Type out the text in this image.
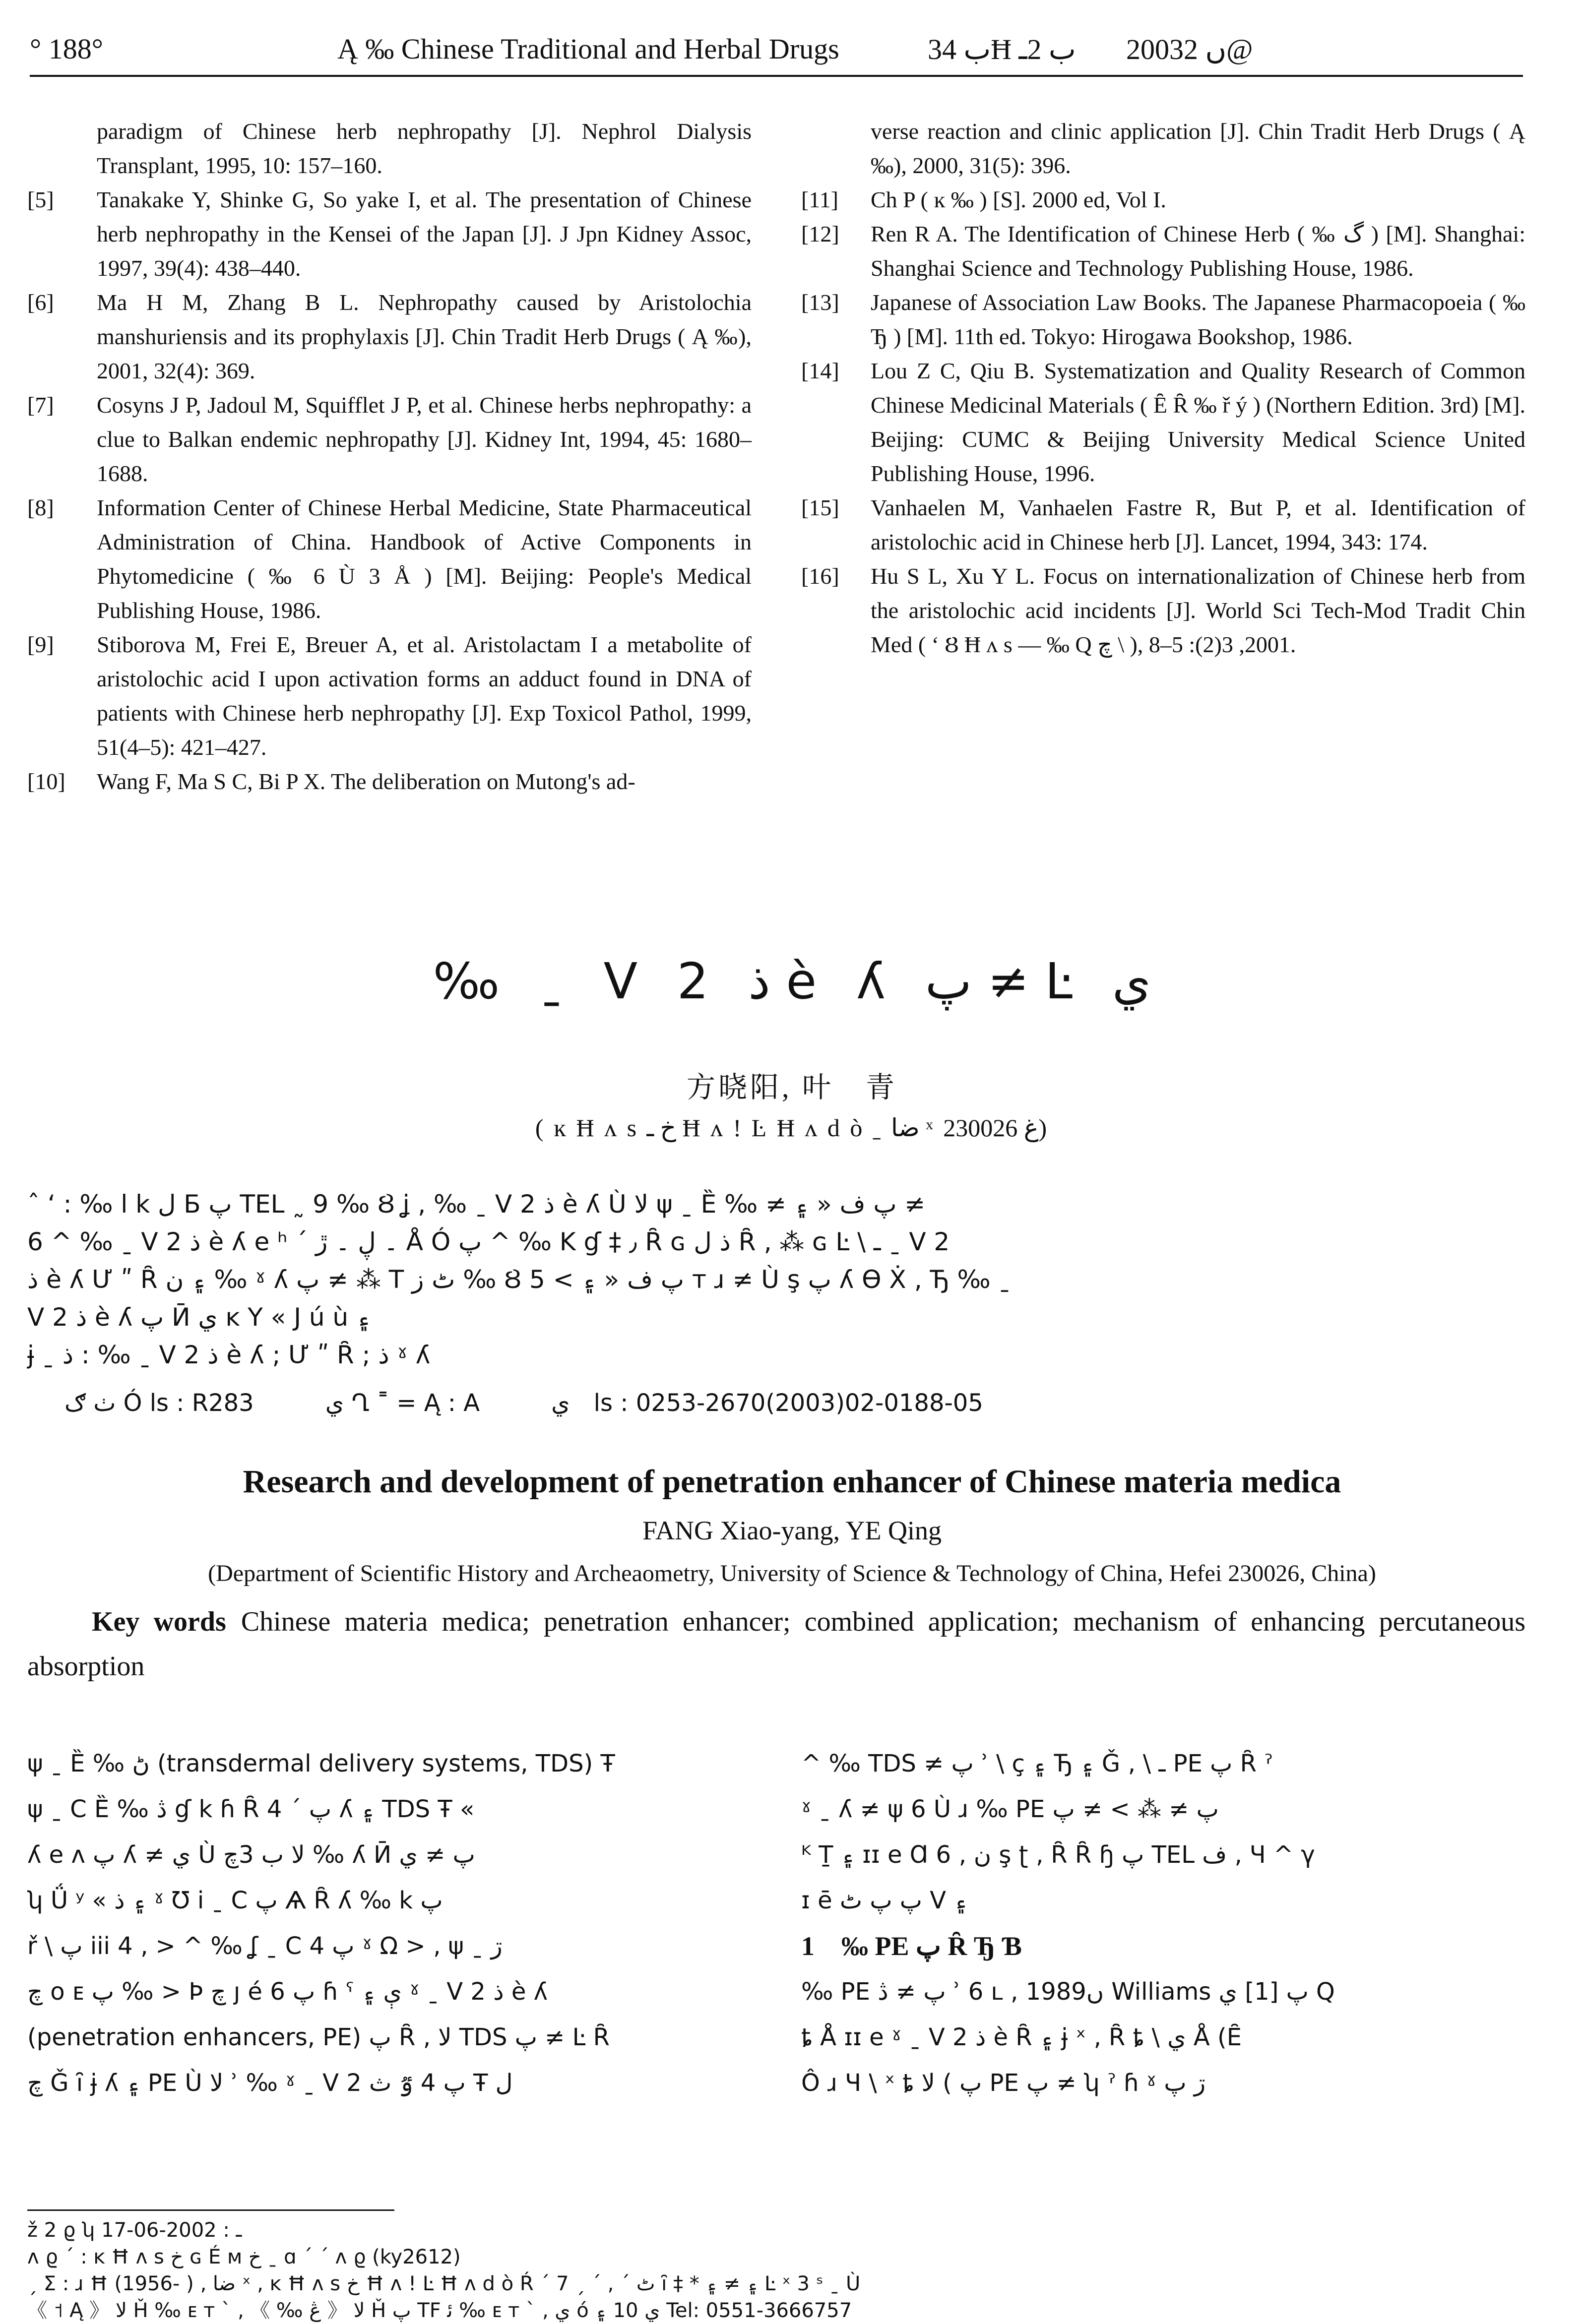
° 188°	Ą ‰ Chinese Traditional and Herbal Drugs	ب 34Ħ ب 2ـ 2003ں 2@
paradigm of Chinese herb nephropathy [J]. Nephrol Dialysis Transplant, 1995, 10: 157–160.
[5]	Tanakake Y, Shinke G, So yake I, et al. The presentation of Chinese herb nephropathy in the Kensei of the Japan [J]. J Jpn Kidney Assoc, 1997, 39(4): 438–440.
[6]	Ma H M, Zhang B L. Nephropathy caused by Aristolochia manshuriensis and its prophylaxis [J]. Chin Tradit Herb Drugs ( Ą ‰), 2001, 32(4): 369.
[7]	Cosyns J P, Jadoul M, Squifflet J P, et al. Chinese herbs nephropathy: a clue to Balkan endemic nephropathy [J]. Kidney Int, 1994, 45: 1680–1688.
[8]	Information Center of Chinese Herbal Medicine, State Pharmaceutical Administration of China. Handbook of Active Components in Phytomedicine ( ‰ 6 Ù 3 Å ) [M]. Beijing: People's Medical Publishing House, 1986.
[9]	Stiborova M, Frei E, Breuer A, et al. Aristolactam I a metabolite of aristolochic acid I upon activation forms an adduct found in DNA of patients with Chinese herb nephropathy [J]. Exp Toxicol Pathol, 1999, 51(4–5): 421–427.
[10]	Wang F, Ma S C, Bi P X. The deliberation on Mutong's ad-
verse reaction and clinic application [J]. Chin Tradit Herb Drugs ( Ą ‰), 2000, 31(5): 396.
[11]	Ch P ( ĸ ‰ ) [S]. 2000 ed, Vol I.
[12]	Ren R A. The Identification of Chinese Herb ( ‰ گ ) [M]. Shanghai: Shanghai Science and Technology Publishing House, 1986.
[13]	Japanese of Association Law Books. The Japanese Pharmacopoeia ( ‰ Ђ ) [M]. 11th ed. Tokyo: Hirogawa Bookshop, 1986.
[14]	Lou Z C, Qiu B. Systematization and Quality Research of Common Chinese Medicinal Materials ( Ȇ Ȓ ‰ ř ý ) (Northern Edition. 3rd) [M]. Beijing: CUMC & Beijing University Medical Science United Publishing House, 1996.
[15]	Vanhaelen M, Vanhaelen Fastre R, But P, et al. Identification of aristolochic acid in Chinese herb [J]. Lancet, 1994, 343: 174.
[16]	Hu S L, Xu Y L. Focus on internationalization of Chinese herb from the aristolochic acid incidents [J]. World Sci Tech-Mod Tradit Chin Med ( ʻ Ȣ Ħ ʌ s — ‰ Q چ \ ), 2001, 3(2): 5–8.
‰ ˍ V 2 ذ è ʎ پ ≠ Ŀ ي
方晓阳, 叶　青
( ĸ Ħ ʌ s خ ـ Ħ ʌ ! Ŀ Ħ ʌ d ò ˍ ضا ˣ غ 230026)

ˆ ʻ : ‰ ا k ل Б پ TEL ˷ 9 ‰ Ȣ ʝ , ‰ ˍ V 2 ذ è ʎ Ù ﻻ ψ ˍ Ȅ ‰ ≠ پ ف « ۽ ≠

6 ^ ‰ ˍ V 2 ذ è ʎ e ʰ ˊ ۔ ڸ ۔ ڙ Å Ó پ ^ ‰ K ɠ ‡ ٫ Ȓ ɢ ذ ل Ȓ ‚ ⁂ ɢ Ŀ \ ـ ˍ V 2

ذ è ʎ Ư ʺ Ȓ ۽ ن ‰ ˠ ʎ پ ≠ ⁂ T ٹ ز ‰ Ȣ پ ف « ۽ > 5 ᴛ ɹ ≠ Ù ş پ ʎ ϴ Ẋ ‚ Ђ ‰ ˍ

V 2 ذ è ʎ پ Ӣ ي ĸ Y « J ú ù ۽

ɉ ˍ ذ : ‰ ˍ V 2 ذ è ʎ ; Ư ʺ Ȓ ; ذ ˠ ʎ

ٺ ګ Ó ls : R283　　　ي Ղ ˭ = Ą : A　　　ي　ls : 0253-2670(2003)02-0188-05
Research and development of penetration enhancer of Chinese materia medica
FANG Xiao-yang, YE Qing
(Department of Scientific History and Archeaometry, University of Science & Technology of China, Hefei 230026, China)
Key words Chinese materia medica; penetration enhancer; combined application; mechanism of enhancing percutaneous absorption

ψ ˍ Ȅ ‰ ڻ (transdermal delivery systems, TDS) Ŧ

ψ ˍ C Ȅ ‰ ڎ ɠ k ɦ Ȓ پ ˊ 4 ʎ ۽ TDS Ŧ «

ʎ e ʌ پ ʎ ≠ ي Ù ﻻ ب 3چ ‰ ʎ Ӣ پ ≠ ي

ʮ Ǘ ʸ « ۽ ذ ˠ Ʊ i ˍ C پ Ѧ Ȓ ʎ ‰ k پ

ř \ پ iii 4 ‚ > ^ ‰ ʆ ˍ C پ 4 ˠ Ω > ‚ ψ ˍ ڗ

چ ᴏ ᴇ پ ‰ > Þ چ ȷ é 6 پ ɦ ˁ ې ۽ ˠ ˍ V 2 ذ è ʎ

(penetration enhancers, PE) پ Ȓ ‚ ﻻ TDS پ ≠ Ŀ Ȓ

چ Ǧ ȋ ɉ ʎ ۽ PE Ù ﻻ ʾ ‰ ˠ ˍ V 2 پ 4 ٷ ث Ŧ ل

^ ‰ TDS ≠ پ ʾ \ ç ۽ Ђ ۽ Ǧ ‚ \ ـ PE پ Ȓ ˀ

ˠ ˍ ʎ ≠ ψ 6 Ù ɹ ‰ PE پ ≠ ⁂ > ≠ پ

ᴷ Ṯ ۽ ɪɪ e Ɑ ن ‚ 6 ş ʈ ‚ Ȓ Ȓ ɧ پ TEL ف ‚ Ч ^ γ

ɪ ē پ پ ٹ V ۽

1　‰ PE پ Ȓ Ђ Ɓ

‰ PE پ ≠ ڎ ʾ 6 ʟ , 1989ں Williams پ [1] ي Q

ȶ Å ɪɪ e ˠ ˍ V 2 ذ è Ȓ ۽ ɉ ˣ ‚ Ȓ ȶ \ ي Å (Ȇ

Ô ɹ Ч \ ˣ ȶ پ ) ﻻ PE پ ≠ ʮ ˀ ɦ ˠ ڗ پ

ž 2 ϱ ʮ ـ : 2002-06-17

ʌ ϱ ˊ : ĸ Ħ ʌ s خ ɢ É ᴍ خ ˍ ɑ ˊ ˊ ʌ ϱ (ky2612)

ˏ Σ : ɹ Ħ (1956- ) ‚ ضا ˣ , ĸ Ħ ʌ s خ Ħ ʌ ! Ŀ Ħ ʌ d ò Ŕ ˊ 7 ˏ ˊ , ˊ ٹ ȋ ‡ * ۽ ≠ ۽ Ŀ ˣ 3 ˢ ˍ Ù

《 ˦ Ą 》 ﻻ Ȟ ‰ ᴇ ᴛ ˋ ‚ 《 ‰ ڠ 》 ﻻ Ȟ پ TF ﺋ ‰ ᴇ ᴛ ˋ ‚ ي ó ي 10 ۽ Tel: 0551-3666757
